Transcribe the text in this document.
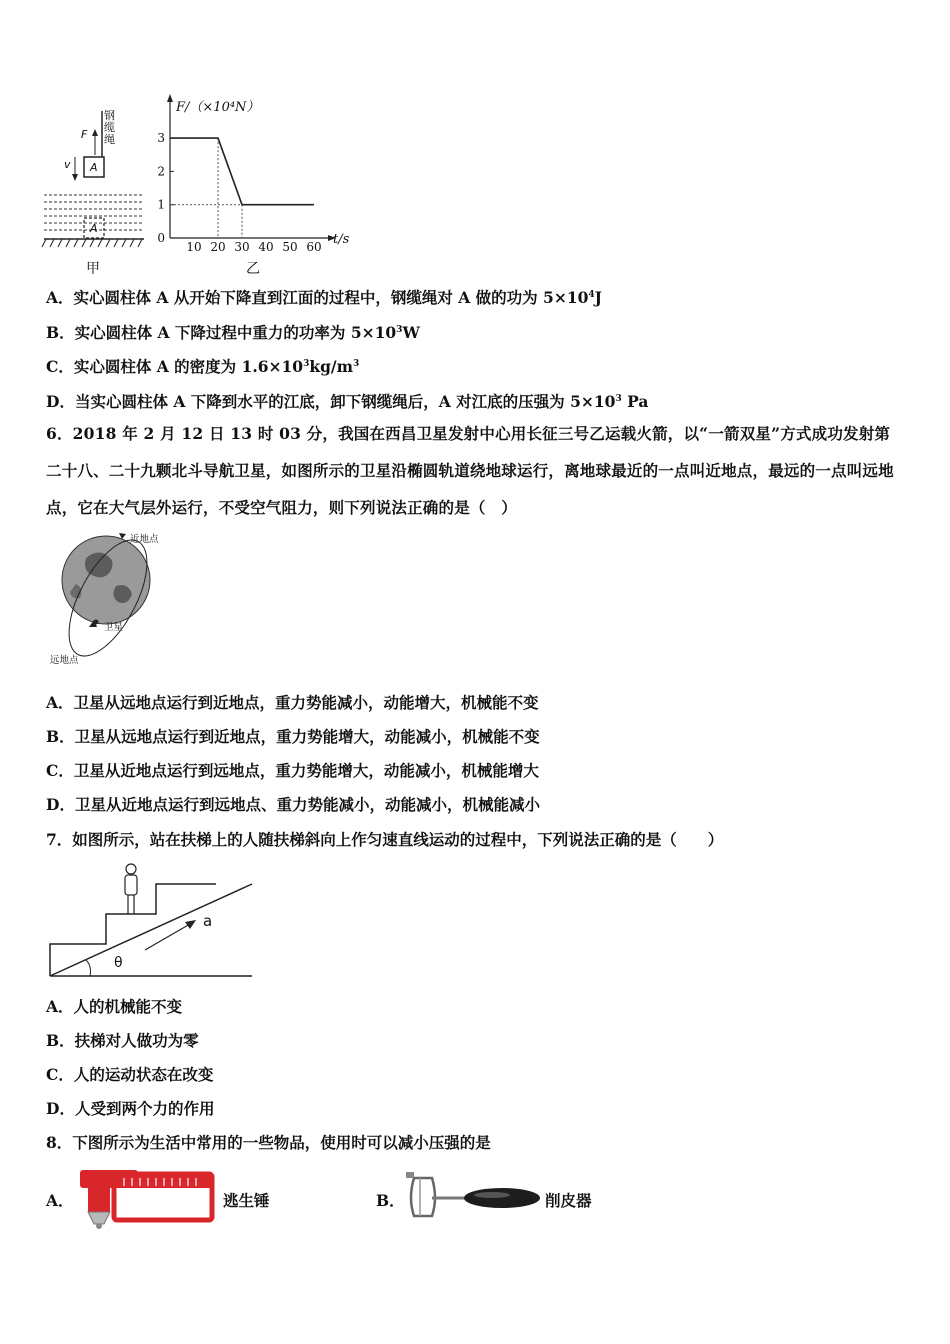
钢缆绳
F
v A
A
甲
0
1
2
3
10 20 30 40 50 60
F/（×10⁴N）
t/s
乙
A．实心圆柱体 A 从开始下降直到江面的过程中，钢缆绳对 A 做的功为 $5\times 10^4J$
B．实心圆柱体 A 下降过程中重力的功率为 $5\times 10^3W$
C．实心圆柱体 A 的密度为 $1.6\times 10^3kg/m^3$
D．当实心圆柱体 A 下降到水平的江底，卸下钢缆绳后，A 对江底的压强为 $5\times 10^3$ Pa
6．2018 年 2 月 12 日 13 时 03 分，我国在西昌卫星发射中心用长征三号乙运载火箭，以“一箭双星”方式成功发射第二十八、二十九颗北斗导航卫星，如图所示的卫星沿椭圆轨道绕地球运行，离地球最近的一点叫近地点，最远的一点叫远地点，它在大气层外运行，不受空气阻力，则下列说法正确的是（　）
近地点
卫星
远地点
A．卫星从远地点运行到近地点，重力势能减小，动能增大，机械能不变
B．卫星从远地点运行到近地点，重力势能增大，动能减小，机械能不变
C．卫星从近地点运行到远地点，重力势能增大，动能减小，机械能增大
D．卫星从近地点运行到远地点、重力势能减小，动能减小，机械能减小
7．如图所示，站在扶梯上的人随扶梯斜向上作匀速直线运动的过程中，下列说法正确的是（　　）
a
θ
A．人的机械能不变
B．扶梯对人做功为零
C．人的运动状态在改变
D．人受到两个力的作用
8．下图所示为生活中常用的一些物品，使用时可以减小压强的是
A．	逃生锤	B．	削皮器
